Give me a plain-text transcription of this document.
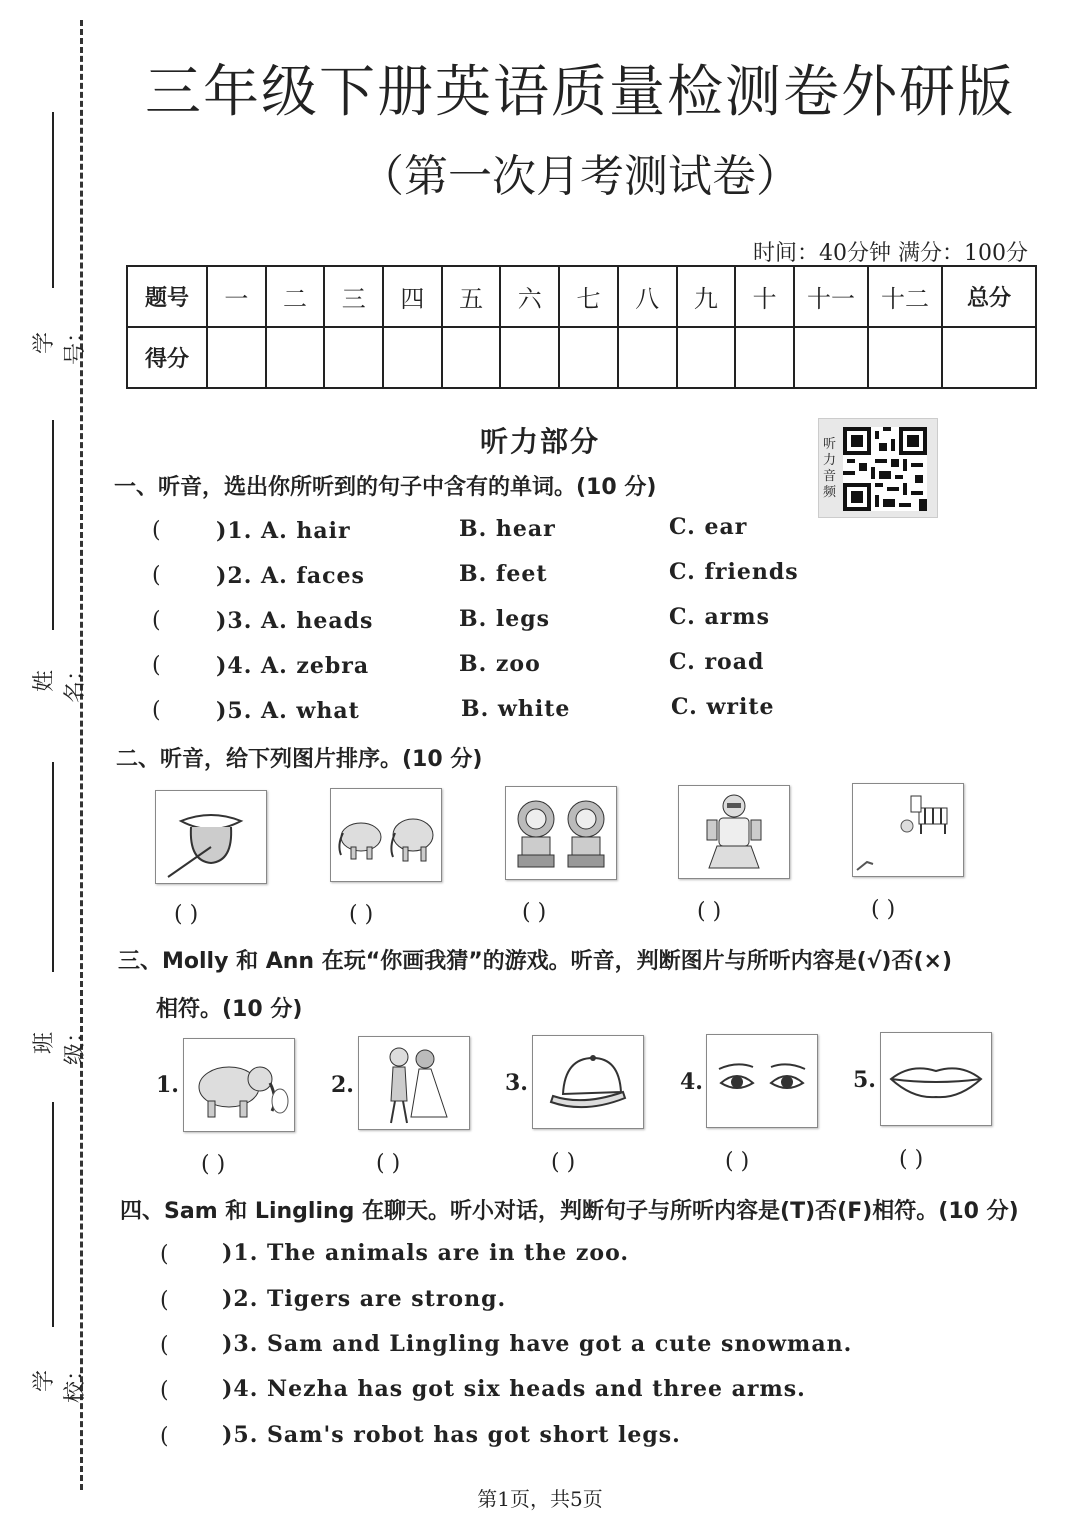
学号：
姓名：
班级：
学校：
三年级下册英语质量检测卷外研版
（第一次月考测试卷）
时间：40分钟 满分：100分
题号	一	二	三	四	五	六	七	八	九	十	十一	十二	总分
得分													
听力部分	听力音频
一、听音，选出你所听到的句子中含有的单词。(10 分)
(	)1. A. hair	B. hear	C. ear
(	)2. A. faces	B. feet	C. friends
(	)3. A. heads	B. legs	C. arms
(	)4. A. zebra	B. zoo	C. road
(	)5. A. what	B. white	C. write
二、听音，给下列图片排序。(10 分)
( )	( )	( )	( )	( )
三、Molly 和 Ann 在玩“你画我猜”的游戏。听音，判断图片与所听内容是(√)否(×)
相符。(10 分)
1.	2.	3.	4.	5.
( )	( )	( )	( )	( )
四、Sam 和 Lingling 在聊天。听小对话，判断句子与所听内容是(T)否(F)相符。(10 分)
( )1. The animals are in the zoo.
( )2. Tigers are strong.
( )3. Sam and Lingling have got a cute snowman.
( )4. Nezha has got six heads and three arms.
( )5. Sam's robot has got short legs.
第1页，共5页
